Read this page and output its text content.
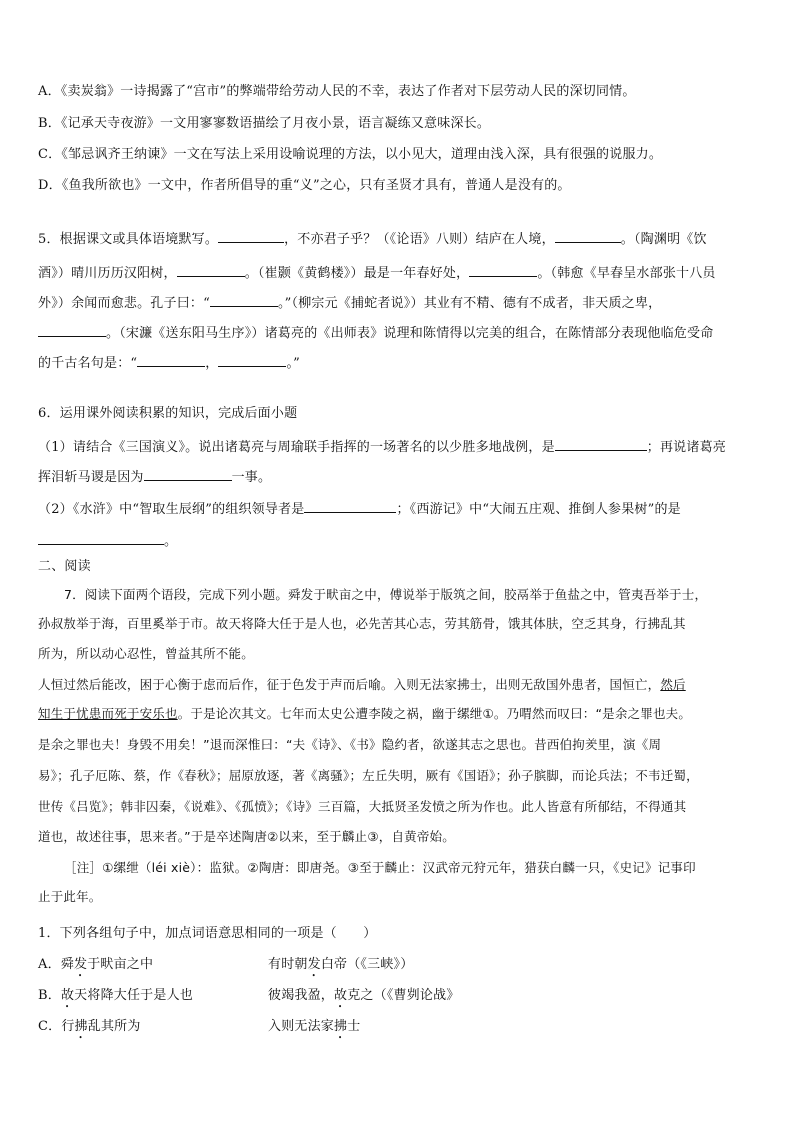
A．《卖炭翁》一诗揭露了“宫市”的弊端带给劳动人民的不幸，表达了作者对下层劳动人民的深切同情。
B．《记承天寺夜游》一文用寥寥数语描绘了月夜小景，语言凝练又意味深长。
C．《邹忌讽齐王纳谏》一文在写法上采用设喻说理的方法，以小见大，道理由浅入深，具有很强的说服力。
D．《鱼我所欲也》一文中，作者所倡导的重“义”之心，只有圣贤才具有，普通人是没有的。
5．根据课文或具体语境默写。	，不亦君子乎？（《论语》八则）结庐在人境，	。（陶渊明《饮
酒》）晴川历历汉阳树，	。（崔颢《黄鹤楼》）最是一年春好处，	。（韩愈《早春呈水部张十八员
外》）余闻而愈悲。孔子曰：“	。”（柳宗元《捕蛇者说》）其业有不精、德有不成者，非天质之卑，
。（宋濂《送东阳马生序》）诸葛亮的《出师表》说理和陈情得以完美的组合，在陈情部分表现他临危受命
的千古名句是：“	，	。”
6．运用课外阅读积累的知识，完成后面小题
（1）请结合《三国演义》。说出诸葛亮与周瑜联手指挥的一场著名的以少胜多地战例，是	；再说诸葛亮
挥泪斩马谡是因为	一事。
（2）《水浒》中“智取生辰纲”的组织领导者是	；《西游记》中“大闹五庄观、推倒人参果树”的是
。
二、阅读
7．阅读下面两个语段，完成下列小题。舜发于畎亩之中，傅说举于版筑之间，胶鬲举于鱼盐之中，管夷吾举于士，
孙叔敖举于海，百里奚举于市。故天将降大任于是人也，必先苦其心志，劳其筋骨，饿其体肤，空乏其身，行拂乱其
所为，所以动心忍性，曾益其所不能。
人恒过然后能改，困于心衡于虑而后作，征于色发于声而后喻。入则无法家拂士，出则无敌国外患者，国恒亡，然后
知生于忧患而死于安乐也。于是论次其文。七年而太史公遭李陵之祸，幽于缧绁①。乃喟然而叹曰：“是余之罪也夫。
是余之罪也夫！身毁不用矣！”退而深惟曰：“夫《诗》、《书》隐约者，欲遂其志之思也。昔西伯拘羑里，演《周
易》；孔子厄陈、蔡，作《春秋》；屈原放逐，著《离骚》；左丘失明，厥有《国语》；孙子膑脚，而论兵法；不韦迁蜀，
世传《吕览》；韩非囚秦，《说难》、《孤愤》；《诗》三百篇，大抵贤圣发愤之所为作也。此人皆意有所郁结，不得通其
道也，故述往事，思来者。”于是卒述陶唐②以来，至于麟止③，自黄帝始。
［注］①缧绁（léi xiè）：监狱。②陶唐：即唐尧。③至于麟止：汉武帝元狩元年，猎获白麟一只，《史记》记事印
止于此年。
1．下列各组句子中，加点词语意思相同的一项是（　　）
A．舜发于畎亩之中	有时朝发白帝（《三峡》）
B．故天将降大任于是人也	彼竭我盈，故克之（《曹刿论战》
C．行拂乱其所为	入则无法家拂士
